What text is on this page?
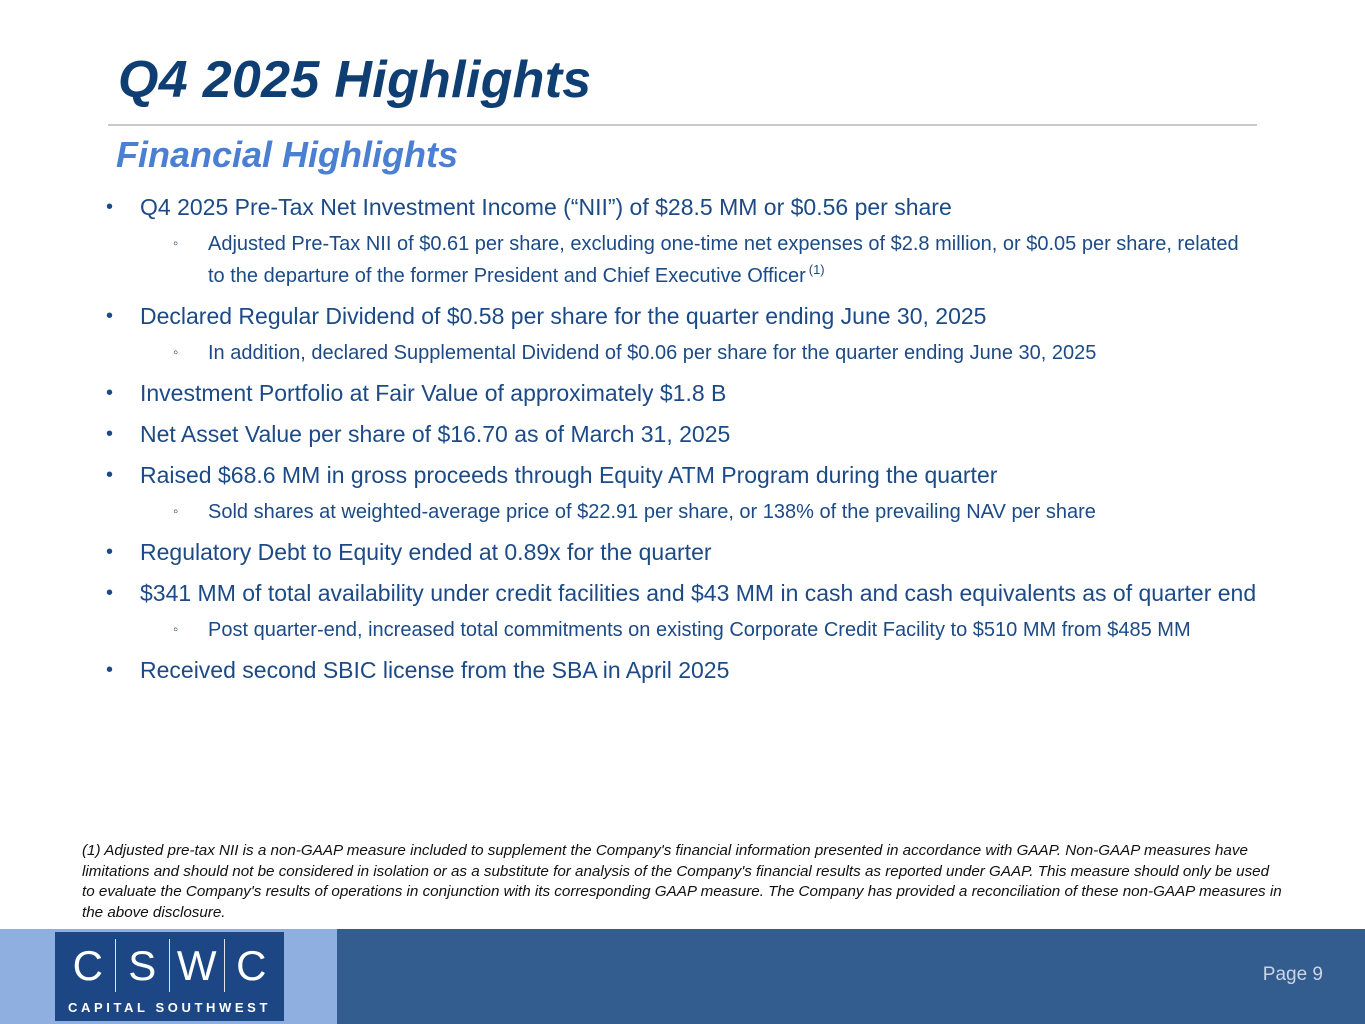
Q4 2025 Highlights
Financial Highlights
• Q4 2025 Pre-Tax Net Investment Income (“NII”) of $28.5 MM or $0.56 per share
◦ Adjusted Pre-Tax NII of $0.61 per share, excluding one-time net expenses of $2.8 million, or $0.05 per share, related to the departure of the former President and Chief Executive Officer $^{(1)}$
• Declared Regular Dividend of $0.58 per share for the quarter ending June 30, 2025
◦ In addition, declared Supplemental Dividend of $0.06 per share for the quarter ending June 30, 2025
• Investment Portfolio at Fair Value of approximately $1.8 B
• Net Asset Value per share of $16.70 as of March 31, 2025
• Raised $68.6 MM in gross proceeds through Equity ATM Program during the quarter
◦ Sold shares at weighted-average price of $22.91 per share, or 138% of the prevailing NAV per share
• Regulatory Debt to Equity ended at 0.89x for the quarter
• $341 MM of total availability under credit facilities and $43 MM in cash and cash equivalents as of quarter end
◦ Post quarter-end, increased total commitments on existing Corporate Credit Facility to $510 MM from $485 MM
• Received second SBIC license from the SBA in April 2025

(1) Adjusted pre-tax NII is a non-GAAP measure included to supplement the Company's financial information presented in accordance with GAAP. Non-GAAP measures have limitations and should not be considered in isolation or as a substitute for analysis of the Company's financial results as reported under GAAP. This measure should only be used to evaluate the Company's results of operations in conjunction with its corresponding GAAP measure. The Company has provided a reconciliation of these non-GAAP measures in the above disclosure.

C S W C
CAPITAL SOUTHWEST
Page 9
